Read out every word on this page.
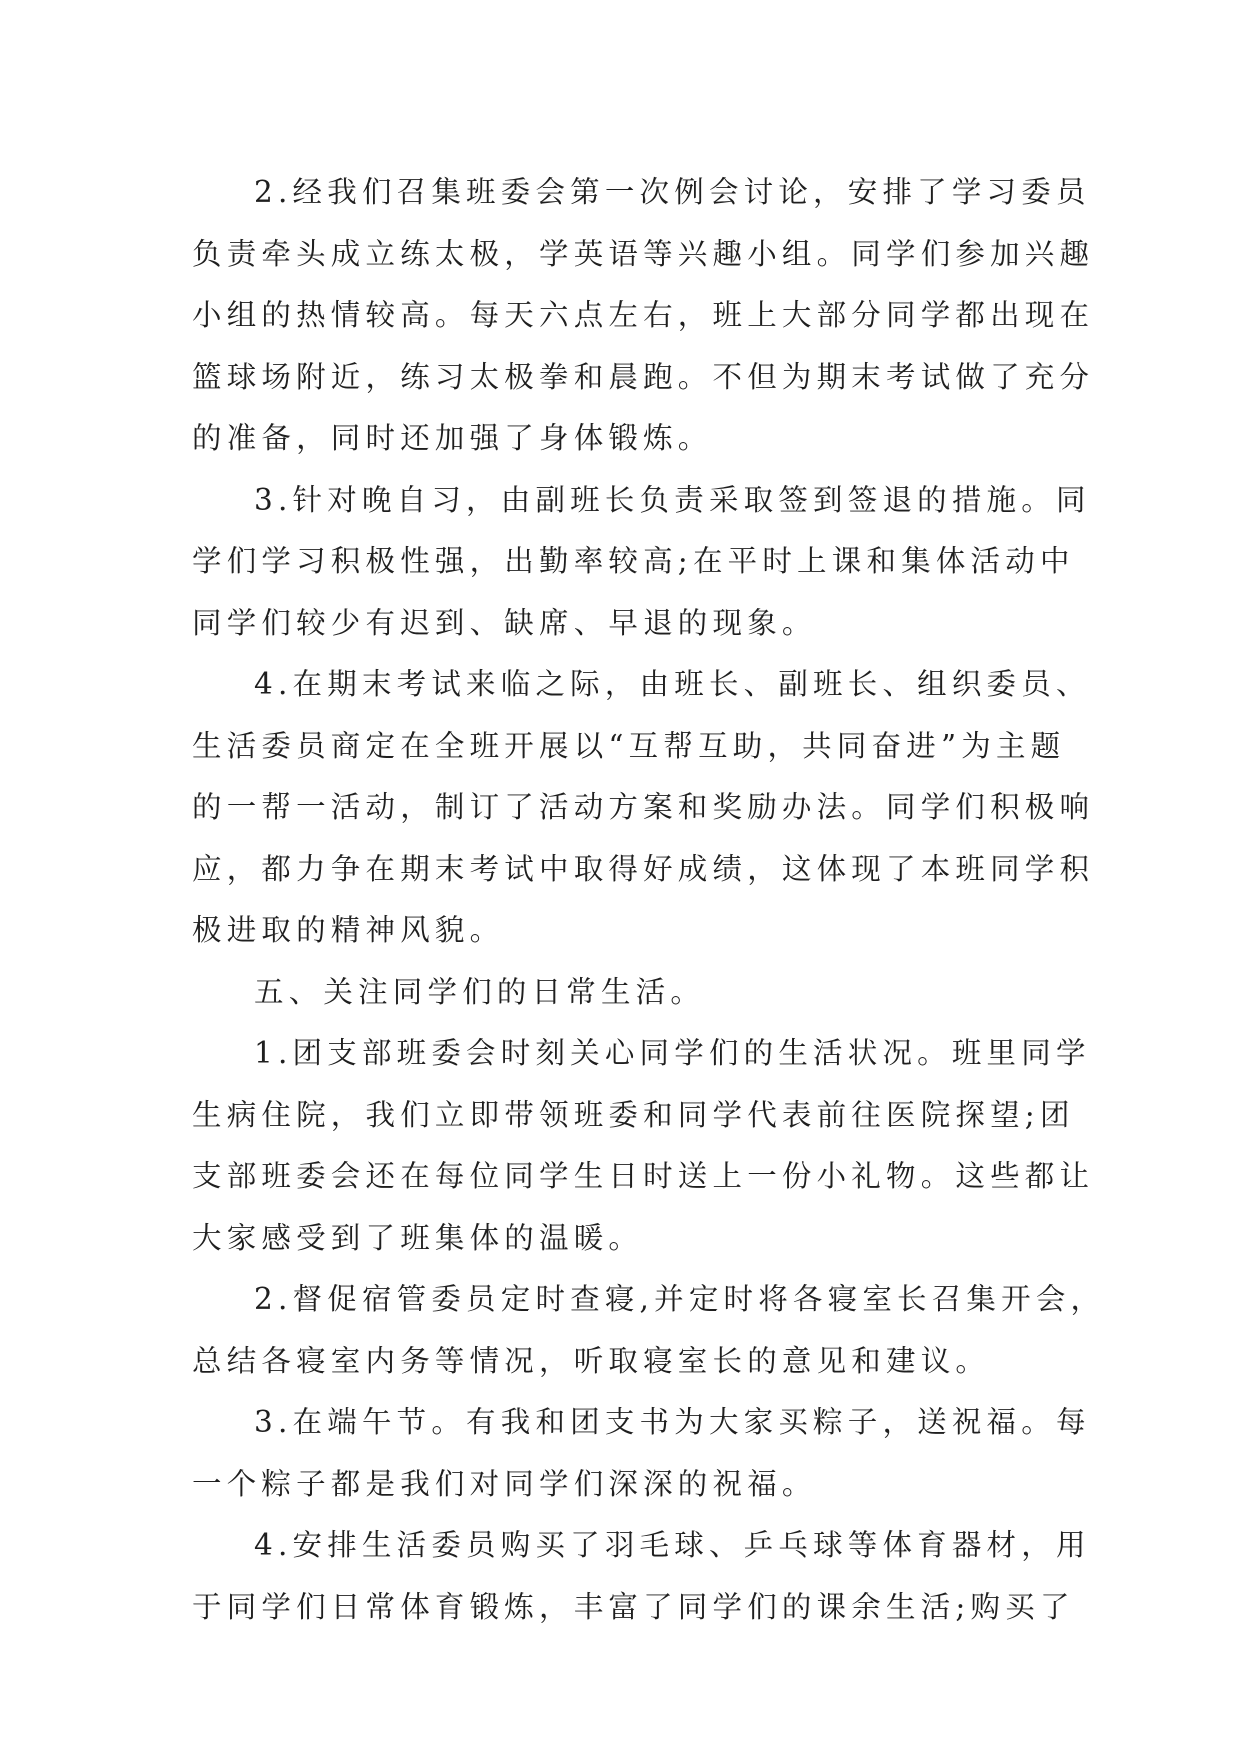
2.经我们召集班委会第一次例会讨论，安排了学习委员
负责牵头成立练太极，学英语等兴趣小组。同学们参加兴趣
小组的热情较高。每天六点左右，班上大部分同学都出现在
篮球场附近，练习太极拳和晨跑。不但为期末考试做了充分
的准备，同时还加强了身体锻炼。

3.针对晚自习，由副班长负责采取签到签退的措施。同
学们学习积极性强，出勤率较高;在平时上课和集体活动中
同学们较少有迟到、缺席、早退的现象。

4.在期末考试来临之际，由班长、副班长、组织委员、
生活委员商定在全班开展以“互帮互助，共同奋进”为主题
的一帮一活动，制订了活动方案和奖励办法。同学们积极响
应，都力争在期末考试中取得好成绩，这体现了本班同学积
极进取的精神风貌。

五、关注同学们的日常生活。

1.团支部班委会时刻关心同学们的生活状况。班里同学
生病住院，我们立即带领班委和同学代表前往医院探望;团
支部班委会还在每位同学生日时送上一份小礼物。这些都让
大家感受到了班集体的温暖。

2.督促宿管委员定时查寝,并定时将各寝室长召集开会，
总结各寝室内务等情况，听取寝室长的意见和建议。

3.在端午节。有我和团支书为大家买粽子，送祝福。每
一个粽子都是我们对同学们深深的祝福。

4.安排生活委员购买了羽毛球、乒乓球等体育器材，用
于同学们日常体育锻炼，丰富了同学们的课余生活;购买了
